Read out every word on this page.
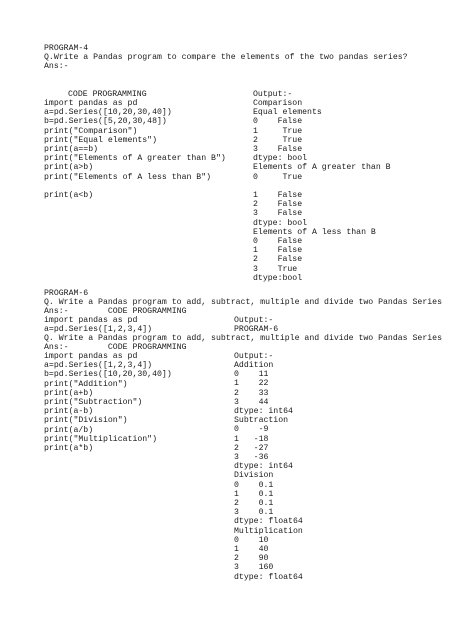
PROGRAM-4
Q.Write a Pandas program to compare the elements of the two pandas series?
Ans:-
CODE PROGRAMMING	Output:-
import pandas as pd
a=pd.Series([10,20,30,40])
b=pd.Series([5,20,30,48])
print("Comparison")
print("Equal elements")
print(a==b)
print("Elements of A greater than B")
print(a>b)
print("Elements of A less than B")
print(a<b)
Comparison
Equal elements
0    False
1     True
2     True
3    False
dtype: bool
Elements of A greater than B
0     True
1    False
2    False
3    False
dtype: bool
Elements of A less than B
0    False
1    False
2    False
3    True
dtype:bool
PROGRAM-6
Q. Write a Pandas program to add, subtract, multiple and divide two Pandas Series
Ans:-        CODE PROGRAMMING
import pandas as pd
a=pd.Series([1,2,3,4])
Output:-
PROGRAM-6
Q. Write a Pandas program to add, subtract, multiple and divide two Pandas Series
Ans:-        CODE PROGRAMMING
import pandas as pd
a=pd.Series([1,2,3,4])
b=pd.Series([10,20,30,40])
print("Addition")
print(a+b)
print("Subtraction")
print(a-b)
print("Division")
print(a/b)
print("Multiplication")
print(a*b)
Output:-
Addition
0    11
1    22
2    33
3    44
dtype: int64
Subtraction
0    -9
1   -18
2   -27
3   -36
dtype: int64
Division
0    0.1
1    0.1
2    0.1
3    0.1
dtype: float64
Multiplication
0    10
1    40
2    90
3    160
dtype: float64
